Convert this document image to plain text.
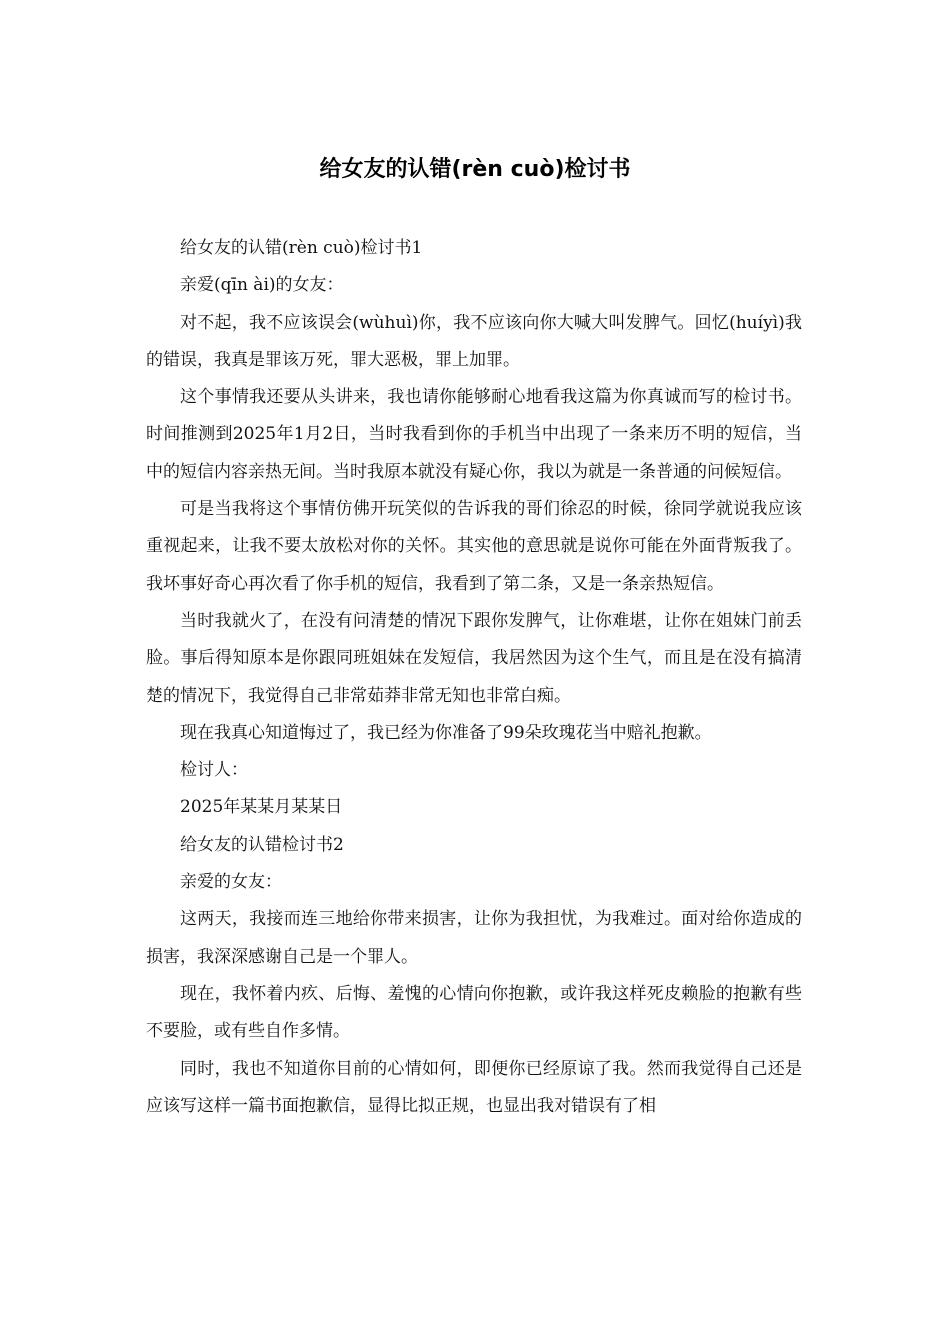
给女友的认错(rèn cuò)检讨书

给女友的认错(rèn cuò)检讨书1

亲爱(qīn ài)的女友：

对不起，我不应该误会(wùhuì)你，我不应该向你大喊大叫发脾气。回忆(huíyì)我的错误，我真是罪该万死，罪大恶极，罪上加罪。

这个事情我还要从头讲来，我也请你能够耐心地看我这篇为你真诚而写的检讨书。时间推测到2025年1月2日，当时我看到你的手机当中出现了一条来历不明的短信，当中的短信内容亲热无间。当时我原本就没有疑心你，我以为就是一条普通的问候短信。

可是当我将这个事情仿佛开玩笑似的告诉我的哥们徐忍的时候，徐同学就说我应该重视起来，让我不要太放松对你的关怀。其实他的意思就是说你可能在外面背叛我了。我坏事好奇心再次看了你手机的短信，我看到了第二条，又是一条亲热短信。

当时我就火了，在没有问清楚的情况下跟你发脾气，让你难堪，让你在姐妹门前丢脸。事后得知原本是你跟同班姐妹在发短信，我居然因为这个生气，而且是在没有搞清楚的情况下，我觉得自己非常茹莽非常无知也非常白痴。

现在我真心知道悔过了，我已经为你准备了99朵玫瑰花当中赔礼抱歉。

检讨人：

2025年某某月某某日

给女友的认错检讨书2

亲爱的女友：

这两天，我接而连三地给你带来损害，让你为我担忧，为我难过。面对给你造成的损害，我深深感谢自己是一个罪人。

现在，我怀着内疚、后悔、羞愧的心情向你抱歉，或许我这样死皮赖脸的抱歉有些不要脸，或有些自作多情。

同时，我也不知道你目前的心情如何，即便你已经原谅了我。然而我觉得自己还是应该写这样一篇书面抱歉信，显得比拟正规，也显出我对错误有了相
